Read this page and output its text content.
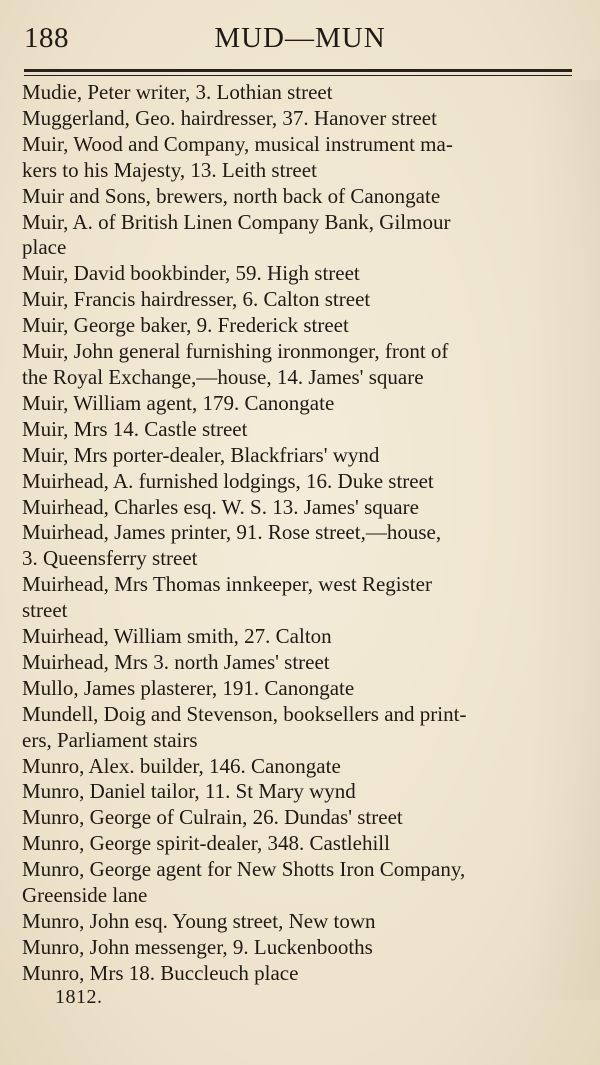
188	MUD—MUN
Mudie, Peter writer, 3. Lothian street
Muggerland, Geo. hairdresser, 37. Hanover street
Muir, Wood and Company, musical instrument ma-
kers to his Majesty, 13. Leith street
Muir and Sons, brewers, north back of Canongate
Muir, A. of British Linen Company Bank, Gilmour
place
Muir, David bookbinder, 59. High street
Muir, Francis hairdresser, 6. Calton street
Muir, George baker, 9. Frederick street
Muir, John general furnishing ironmonger, front of
the Royal Exchange,—house, 14. James' square
Muir, William agent, 179. Canongate
Muir, Mrs 14. Castle street
Muir, Mrs porter-dealer, Blackfriars' wynd
Muirhead, A. furnished lodgings, 16. Duke street
Muirhead, Charles esq. W. S. 13. James' square
Muirhead, James printer, 91. Rose street,—house,
3. Queensferry street
Muirhead, Mrs Thomas innkeeper, west Register
street
Muirhead, William smith, 27. Calton
Muirhead, Mrs 3. north James' street
Mullo, James plasterer, 191. Canongate
Mundell, Doig and Stevenson, booksellers and print-
ers, Parliament stairs
Munro, Alex. builder, 146. Canongate
Munro, Daniel tailor, 11. St Mary wynd
Munro, George of Culrain, 26. Dundas' street
Munro, George spirit-dealer, 348. Castlehill
Munro, George agent for New Shotts Iron Company,
Greenside lane
Munro, John esq. Young street, New town
Munro, John messenger, 9. Luckenbooths
Munro, Mrs 18. Buccleuch place
1812.
